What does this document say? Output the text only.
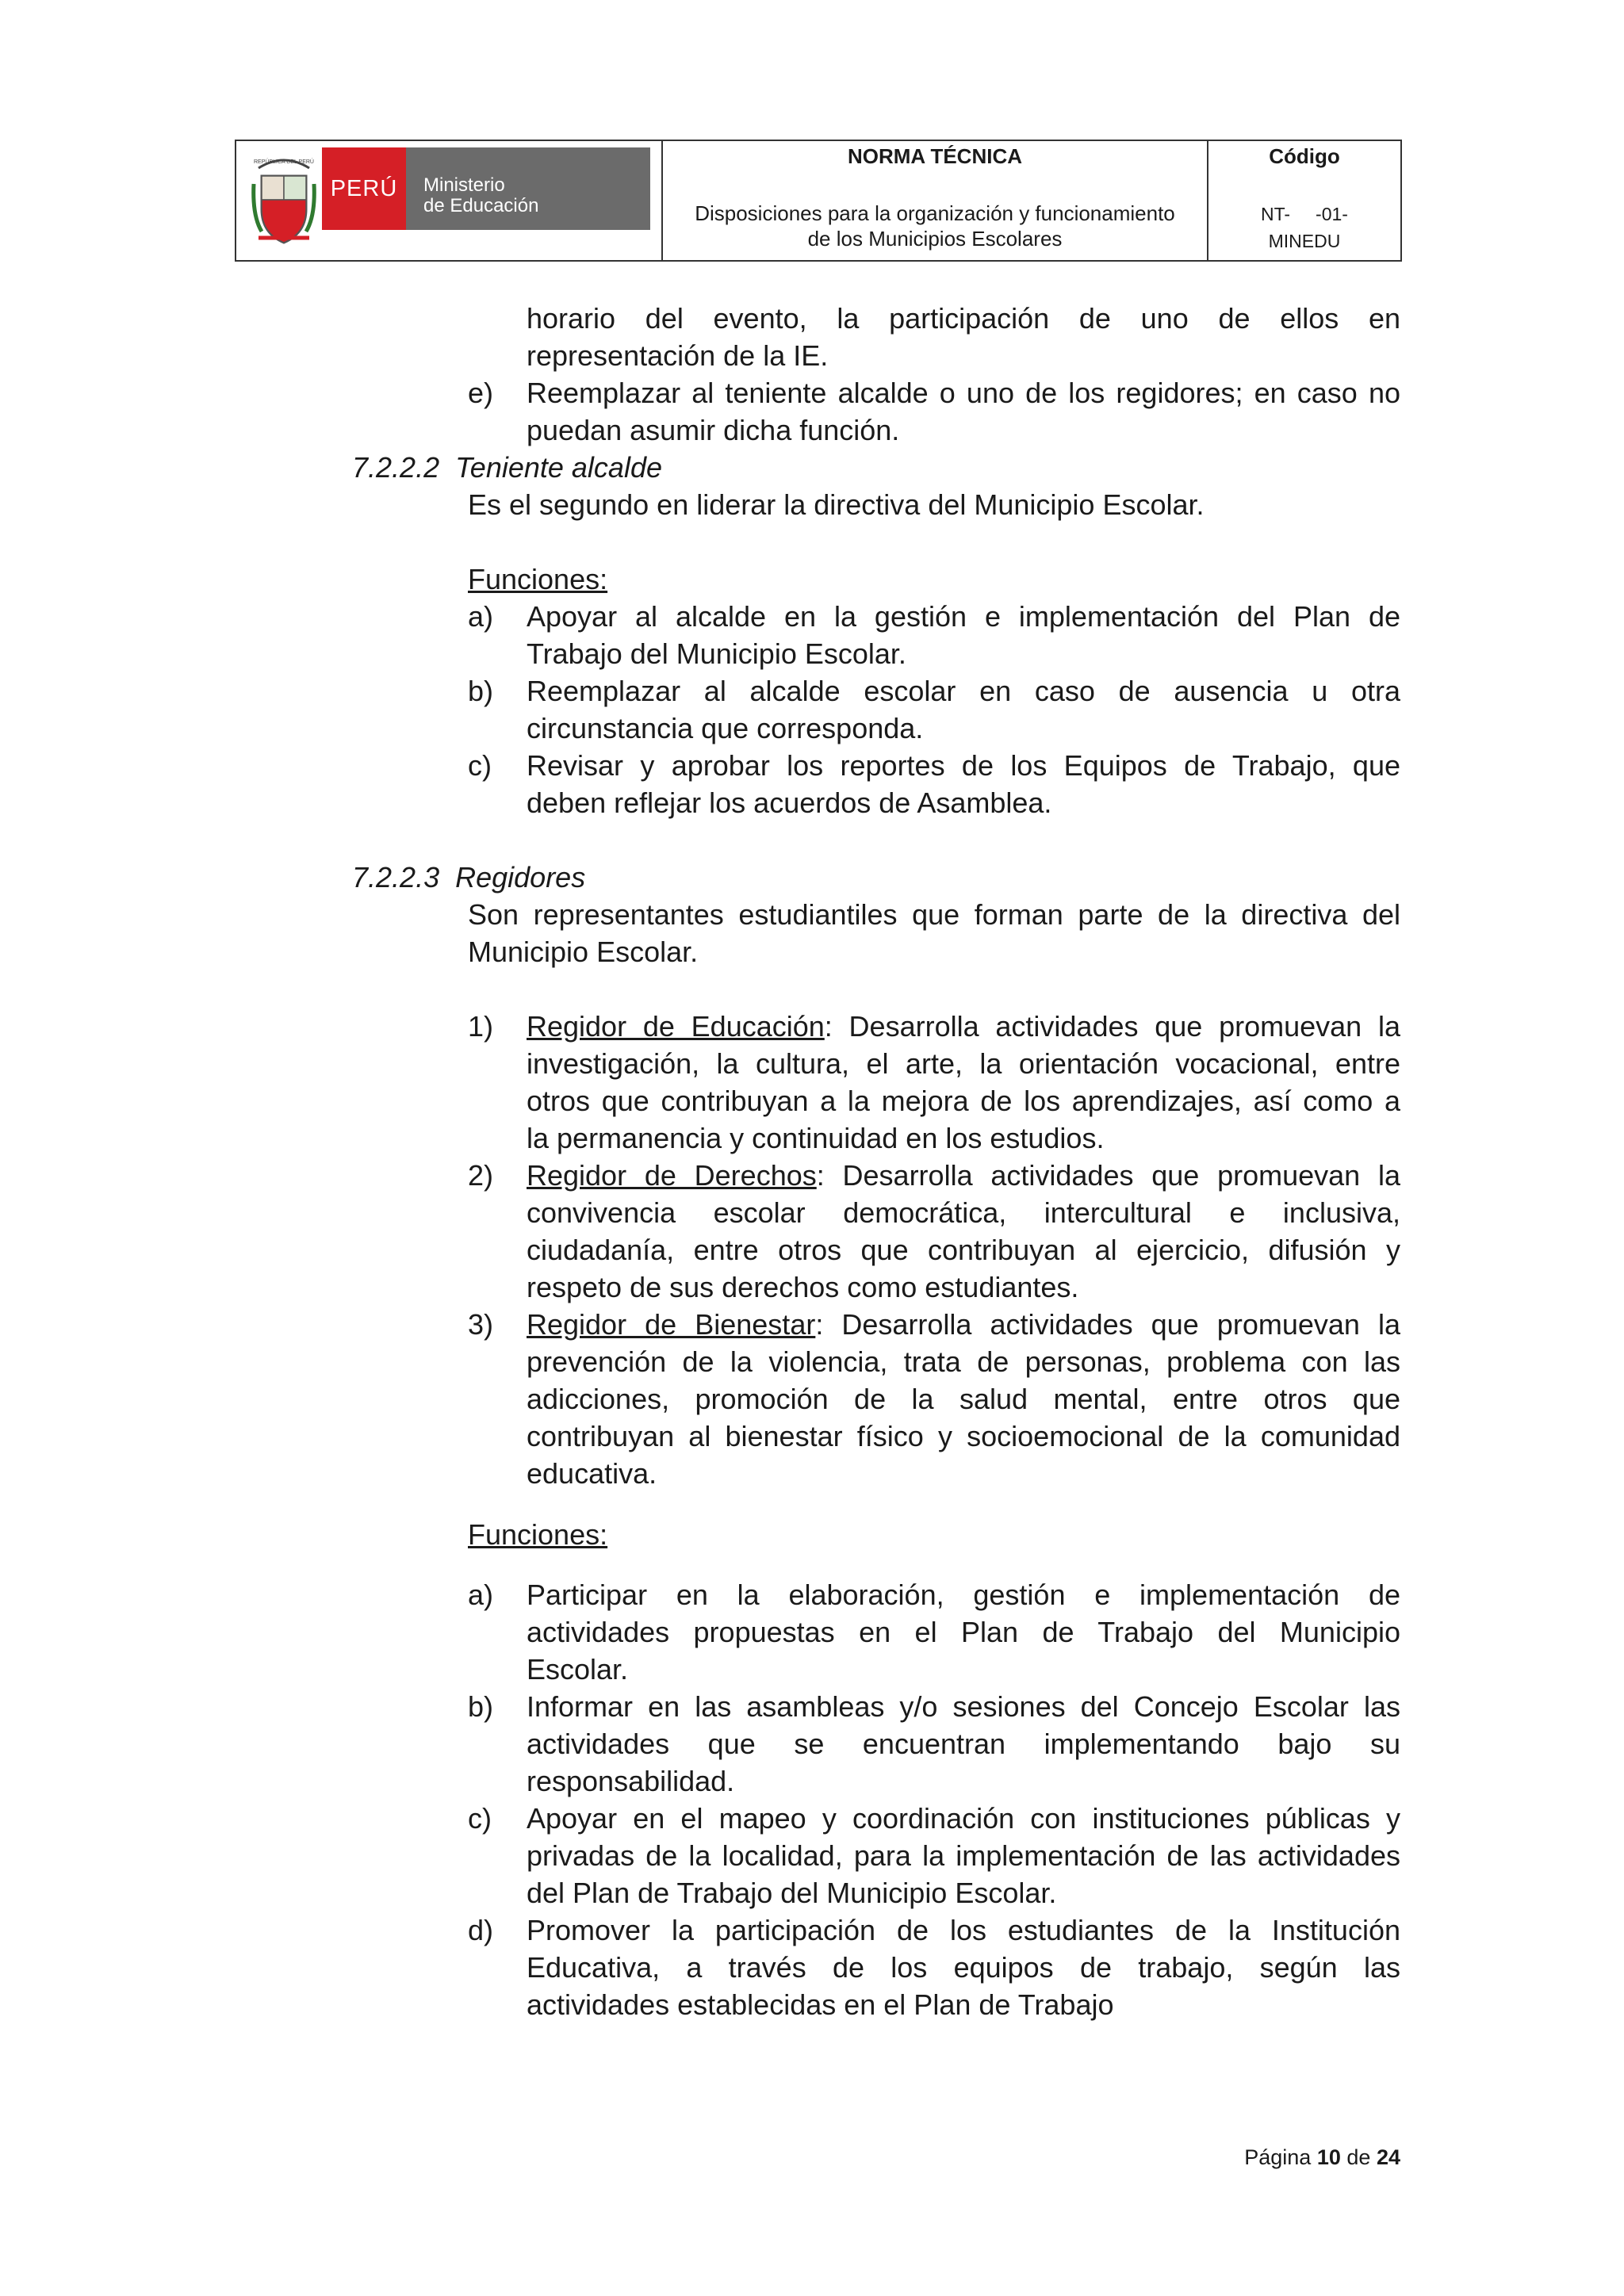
REPÚBLICA DEL PERÚ
PERÚ Ministerio
de Educación
NORMA TÉCNICA
Disposiciones para la organización y funcionamiento
de los Municipios Escolares
Código
NT-     -01-
MINEDU
horario del evento, la participación de uno de ellos en
representación de la IE.
e) Reemplazar al teniente alcalde o uno de los regidores; en caso no
puedan asumir dicha función.
7.2.2.2 Teniente alcalde
Es el segundo en liderar la directiva del Municipio Escolar.
Funciones:
a) Apoyar al alcalde en la gestión e implementación del Plan de
Trabajo del Municipio Escolar.
b) Reemplazar al alcalde escolar en caso de ausencia u otra
circunstancia que corresponda.
c) Revisar y aprobar los reportes de los Equipos de Trabajo, que
deben reflejar los acuerdos de Asamblea.
7.2.2.3 Regidores
Son representantes estudiantiles que forman parte de la directiva del
Municipio Escolar.
1) Regidor de Educación: Desarrolla actividades que promuevan la
investigación, la cultura, el arte, la orientación vocacional, entre
otros que contribuyan a la mejora de los aprendizajes, así como a
la permanencia y continuidad en los estudios.
2) Regidor de Derechos: Desarrolla actividades que promuevan la
convivencia escolar democrática, intercultural e inclusiva,
ciudadanía, entre otros que contribuyan al ejercicio, difusión y
respeto de sus derechos como estudiantes.
3) Regidor de Bienestar: Desarrolla actividades que promuevan la
prevención de la violencia, trata de personas, problema con las
adicciones, promoción de la salud mental, entre otros que
contribuyan al bienestar físico y socioemocional de la comunidad
educativa.
Funciones:
a) Participar en la elaboración, gestión e implementación de
actividades propuestas en el Plan de Trabajo del Municipio
Escolar.
b) Informar en las asambleas y/o sesiones del Concejo Escolar las
actividades que se encuentran implementando bajo su
responsabilidad.
c) Apoyar en el mapeo y coordinación con instituciones públicas y
privadas de la localidad, para la implementación de las actividades
del Plan de Trabajo del Municipio Escolar.
d) Promover la participación de los estudiantes de la Institución
Educativa, a través de los equipos de trabajo, según las
actividades establecidas en el Plan de Trabajo
Página 10 de 24
